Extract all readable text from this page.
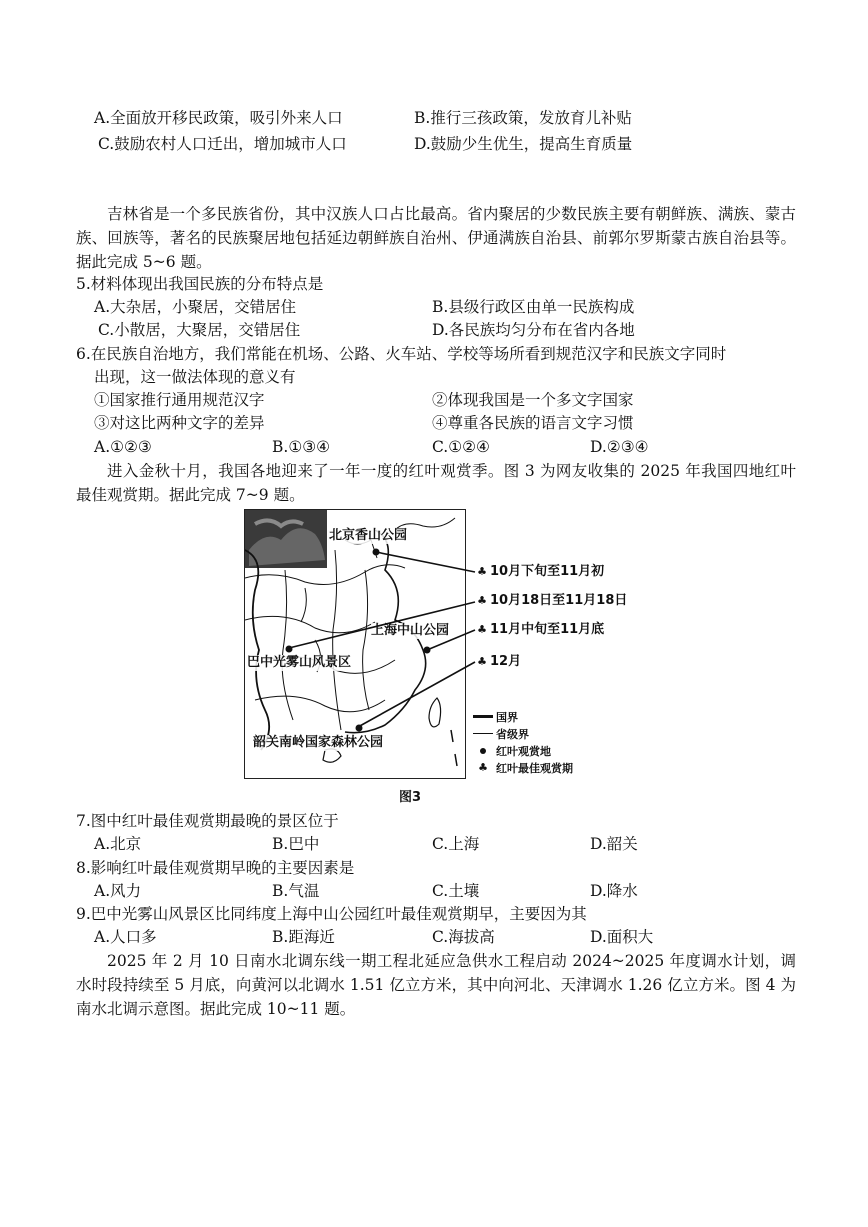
A.全面放开移民政策，吸引外来人口	B.推行三孩政策，发放育儿补贴
C.鼓励农村人口迁出，增加城市人口	D.鼓励少生优生，提高生育质量
吉林省是一个多民族省份，其中汉族人口占比最高。省内聚居的少数民族主要有朝鲜族、满族、蒙古族、回族等，著名的民族聚居地包括延边朝鲜族自治州、伊通满族自治县、前郭尔罗斯蒙古族自治县等。据此完成 5~6 题。
5.材料体现出我国民族的分布特点是
A.大杂居，小聚居，交错居住	B.县级行政区由单一民族构成
C.小散居，大聚居，交错居住	D.各民族均匀分布在省内各地
6.在民族自治地方，我们常能在机场、公路、火车站、学校等场所看到规范汉字和民族文字同时
出现，这一做法体现的意义有
①国家推行通用规范汉字	②体现我国是一个多文字国家
③对这比两种文字的差异	④尊重各民族的语言文字习惯
A.①②③	B.①③④	C.①②④	D.②③④
进入金秋十月，我国各地迎来了一年一度的红叶观赏季。图 3 为网友收集的 2025 年我国四地红叶最佳观赏期。据此完成 7~9 题。
北京香山公园
上海中山公园
巴中光雾山风景区
韶关南岭国家森林公园
♣ 10月下旬至11月初
♣ 10月18日至11月18日
♣ 11月中旬至11月底
♣ 12月
国界
省级界
红叶观赏地
♣ 红叶最佳观赏期
图3
7.图中红叶最佳观赏期最晚的景区位于
A.北京	B.巴中	C.上海	D.韶关
8.影响红叶最佳观赏期早晚的主要因素是
A.风力	B.气温	C.土壤	D.降水
9.巴中光雾山风景区比同纬度上海中山公园红叶最佳观赏期早，主要因为其
A.人口多	B.距海近	C.海拔高	D.面积大
2025 年 2 月 10 日南水北调东线一期工程北延应急供水工程启动 2024~2025 年度调水计划，调水时段持续至 5 月底，向黄河以北调水 1.51 亿立方米，其中向河北、天津调水 1.26 亿立方米。图 4 为南水北调示意图。据此完成 10~11 题。
